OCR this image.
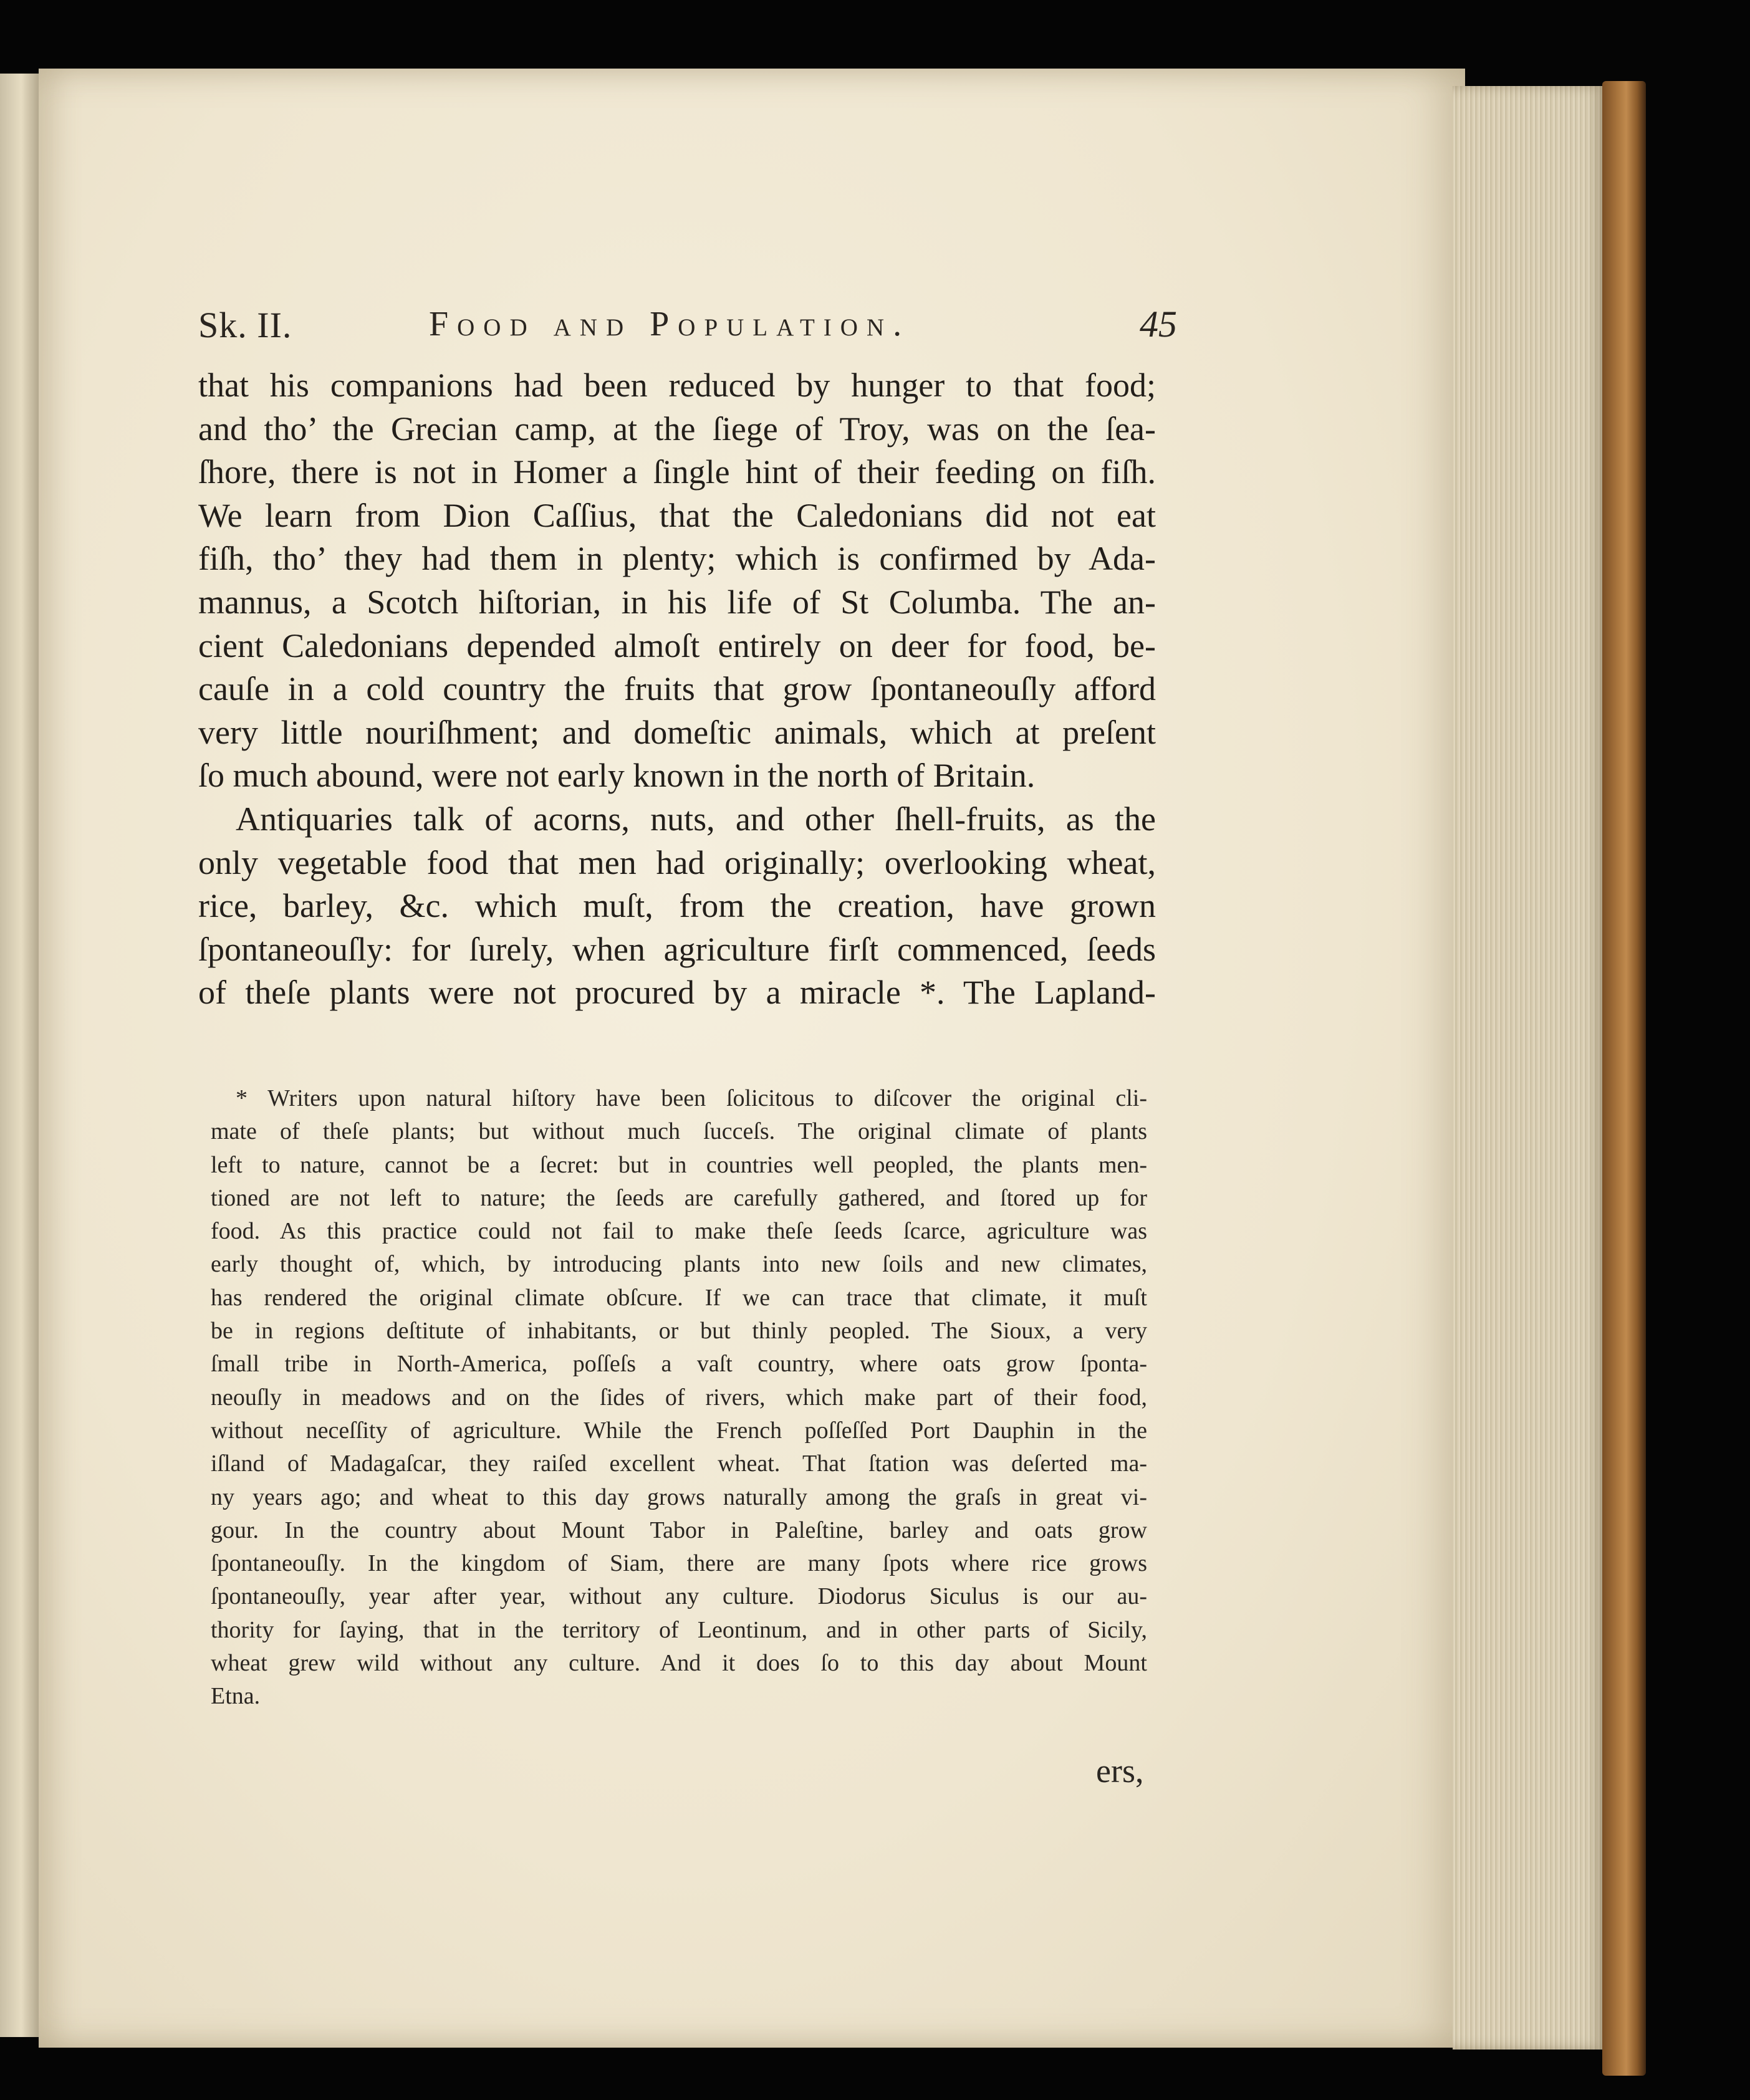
Sk. II.	Food and Population.	45
that his companions had been reduced by hunger to that food;
and tho’ the Grecian camp, at the ſiege of Troy, was on the ſea-
ſhore, there is not in Homer a ſingle hint of their feeding on fiſh.
We learn from Dion Caſſius, that the Caledonians did not eat
fiſh, tho’ they had them in plenty; which is confirmed by Ada-
mannus, a Scotch hiſtorian, in his life of St Columba. The an-
cient Caledonians depended almoſt entirely on deer for food, be-
cauſe in a cold country the fruits that grow ſpontaneouſly afford
very little nouriſhment; and domeſtic animals, which at preſent
ſo much abound, were not early known in the north of Britain.
Antiquaries talk of acorns, nuts, and other ſhell-fruits, as the
only vegetable food that men had originally; overlooking wheat,
rice, barley, &c. which muſt, from the creation, have grown
ſpontaneouſly: for ſurely, when agriculture firſt commenced, ſeeds
of theſe plants were not procured by a miracle *. The Lapland-
* Writers upon natural hiſtory have been ſolicitous to diſcover the original cli-
mate of theſe plants; but without much ſucceſs. The original climate of plants
left to nature, cannot be a ſecret: but in countries well peopled, the plants men-
tioned are not left to nature; the ſeeds are carefully gathered, and ſtored up for
food. As this practice could not fail to make theſe ſeeds ſcarce, agriculture was
early thought of, which, by introducing plants into new ſoils and new climates,
has rendered the original climate obſcure. If we can trace that climate, it muſt
be in regions deſtitute of inhabitants, or but thinly peopled. The Sioux, a very
ſmall tribe in North-America, poſſeſs a vaſt country, where oats grow ſponta-
neouſly in meadows and on the ſides of rivers, which make part of their food,
without neceſſity of agriculture. While the French poſſeſſed Port Dauphin in the
iſland of Madagaſcar, they raiſed excellent wheat. That ſtation was deſerted ma-
ny years ago; and wheat to this day grows naturally among the graſs in great vi-
gour. In the country about Mount Tabor in Paleſtine, barley and oats grow
ſpontaneouſly. In the kingdom of Siam, there are many ſpots where rice grows
ſpontaneouſly, year after year, without any culture. Diodorus Siculus is our au-
thority for ſaying, that in the territory of Leontinum, and in other parts of Sicily,
wheat grew wild without any culture. And it does ſo to this day about Mount
Etna.
ers,
